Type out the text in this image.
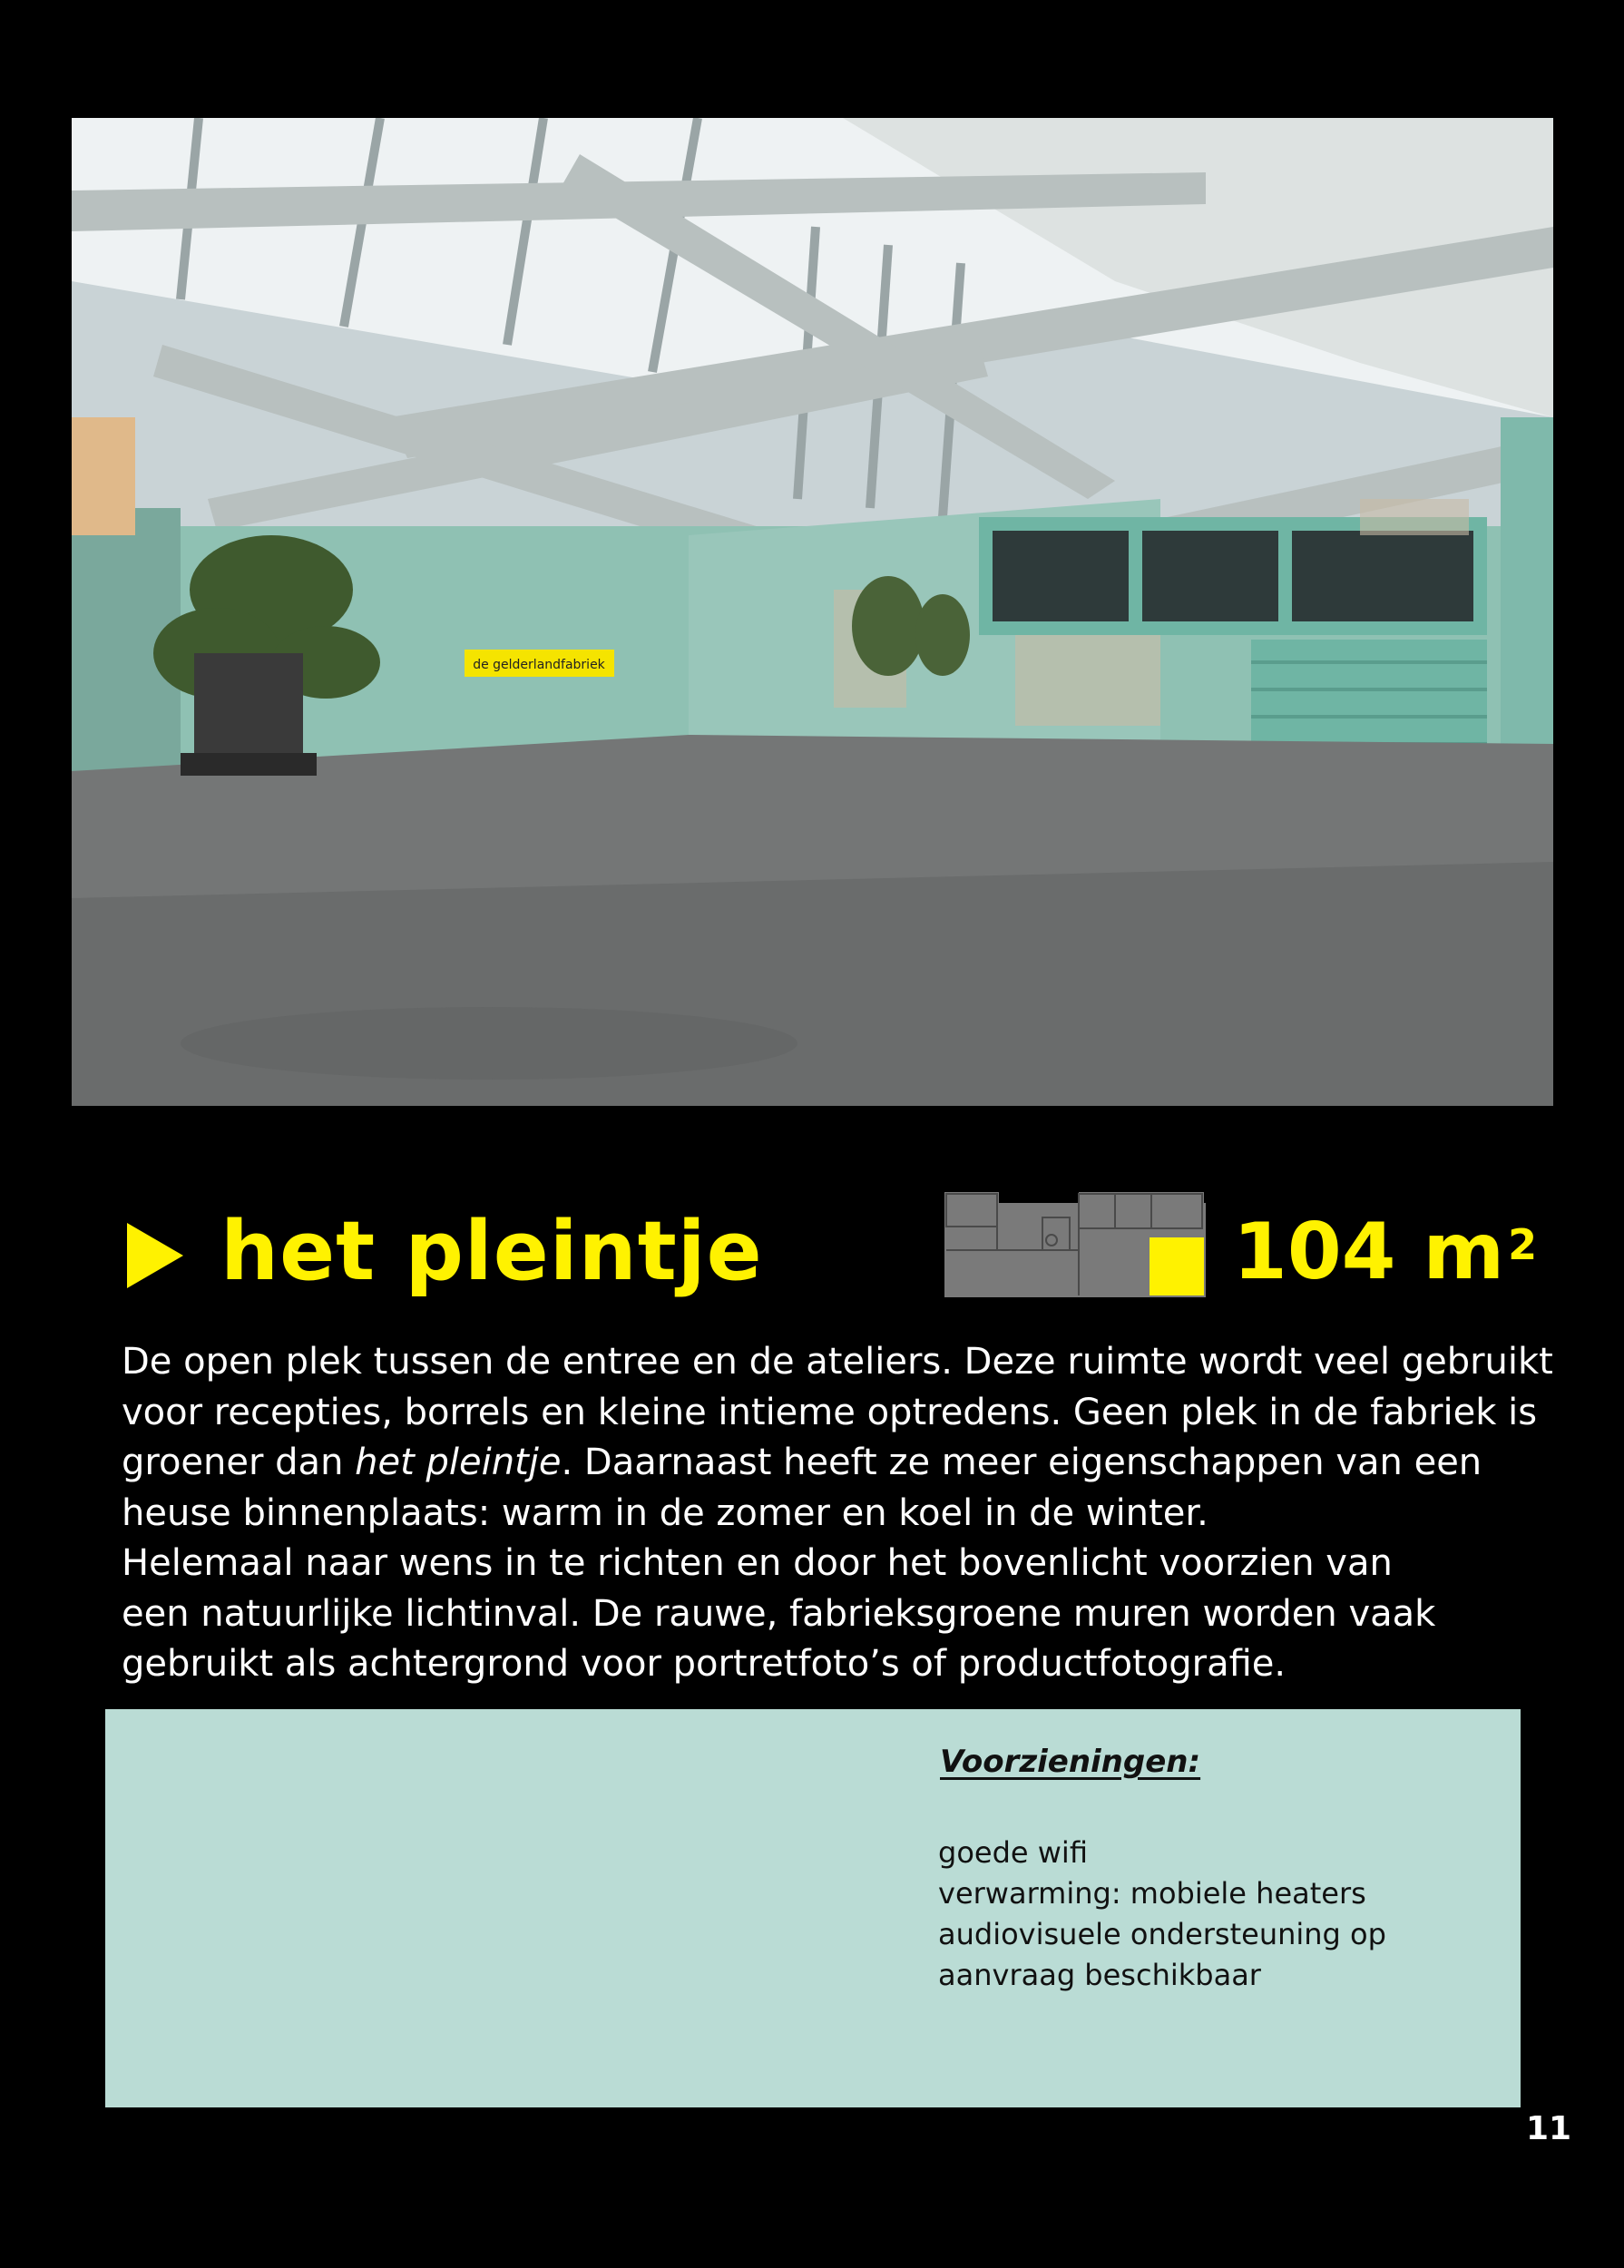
de gelderlandfabriek
het pleintje	104 $m^2$

De open plek tussen de entree en de ateliers. Deze ruimte wordt veel gebruikt

voor recepties, borrels en kleine intieme optredens. Geen plek in de fabriek is

groener dan het pleintje. Daarnaast heeft ze meer eigenschappen van een

heuse binnenplaats: warm in de zomer en koel in de winter.

Helemaal naar wens in te richten en door het bovenlicht voorzien van

een natuurlijke lichtinval. De rauwe, fabrieksgroene muren worden vaak

gebruikt als achtergrond voor portretfoto’s of productfotografie.

Voorzieningen:
goede wifi
verwarming: mobiele heaters
audiovisuele ondersteuning op
aanvraag beschikbaar
11
